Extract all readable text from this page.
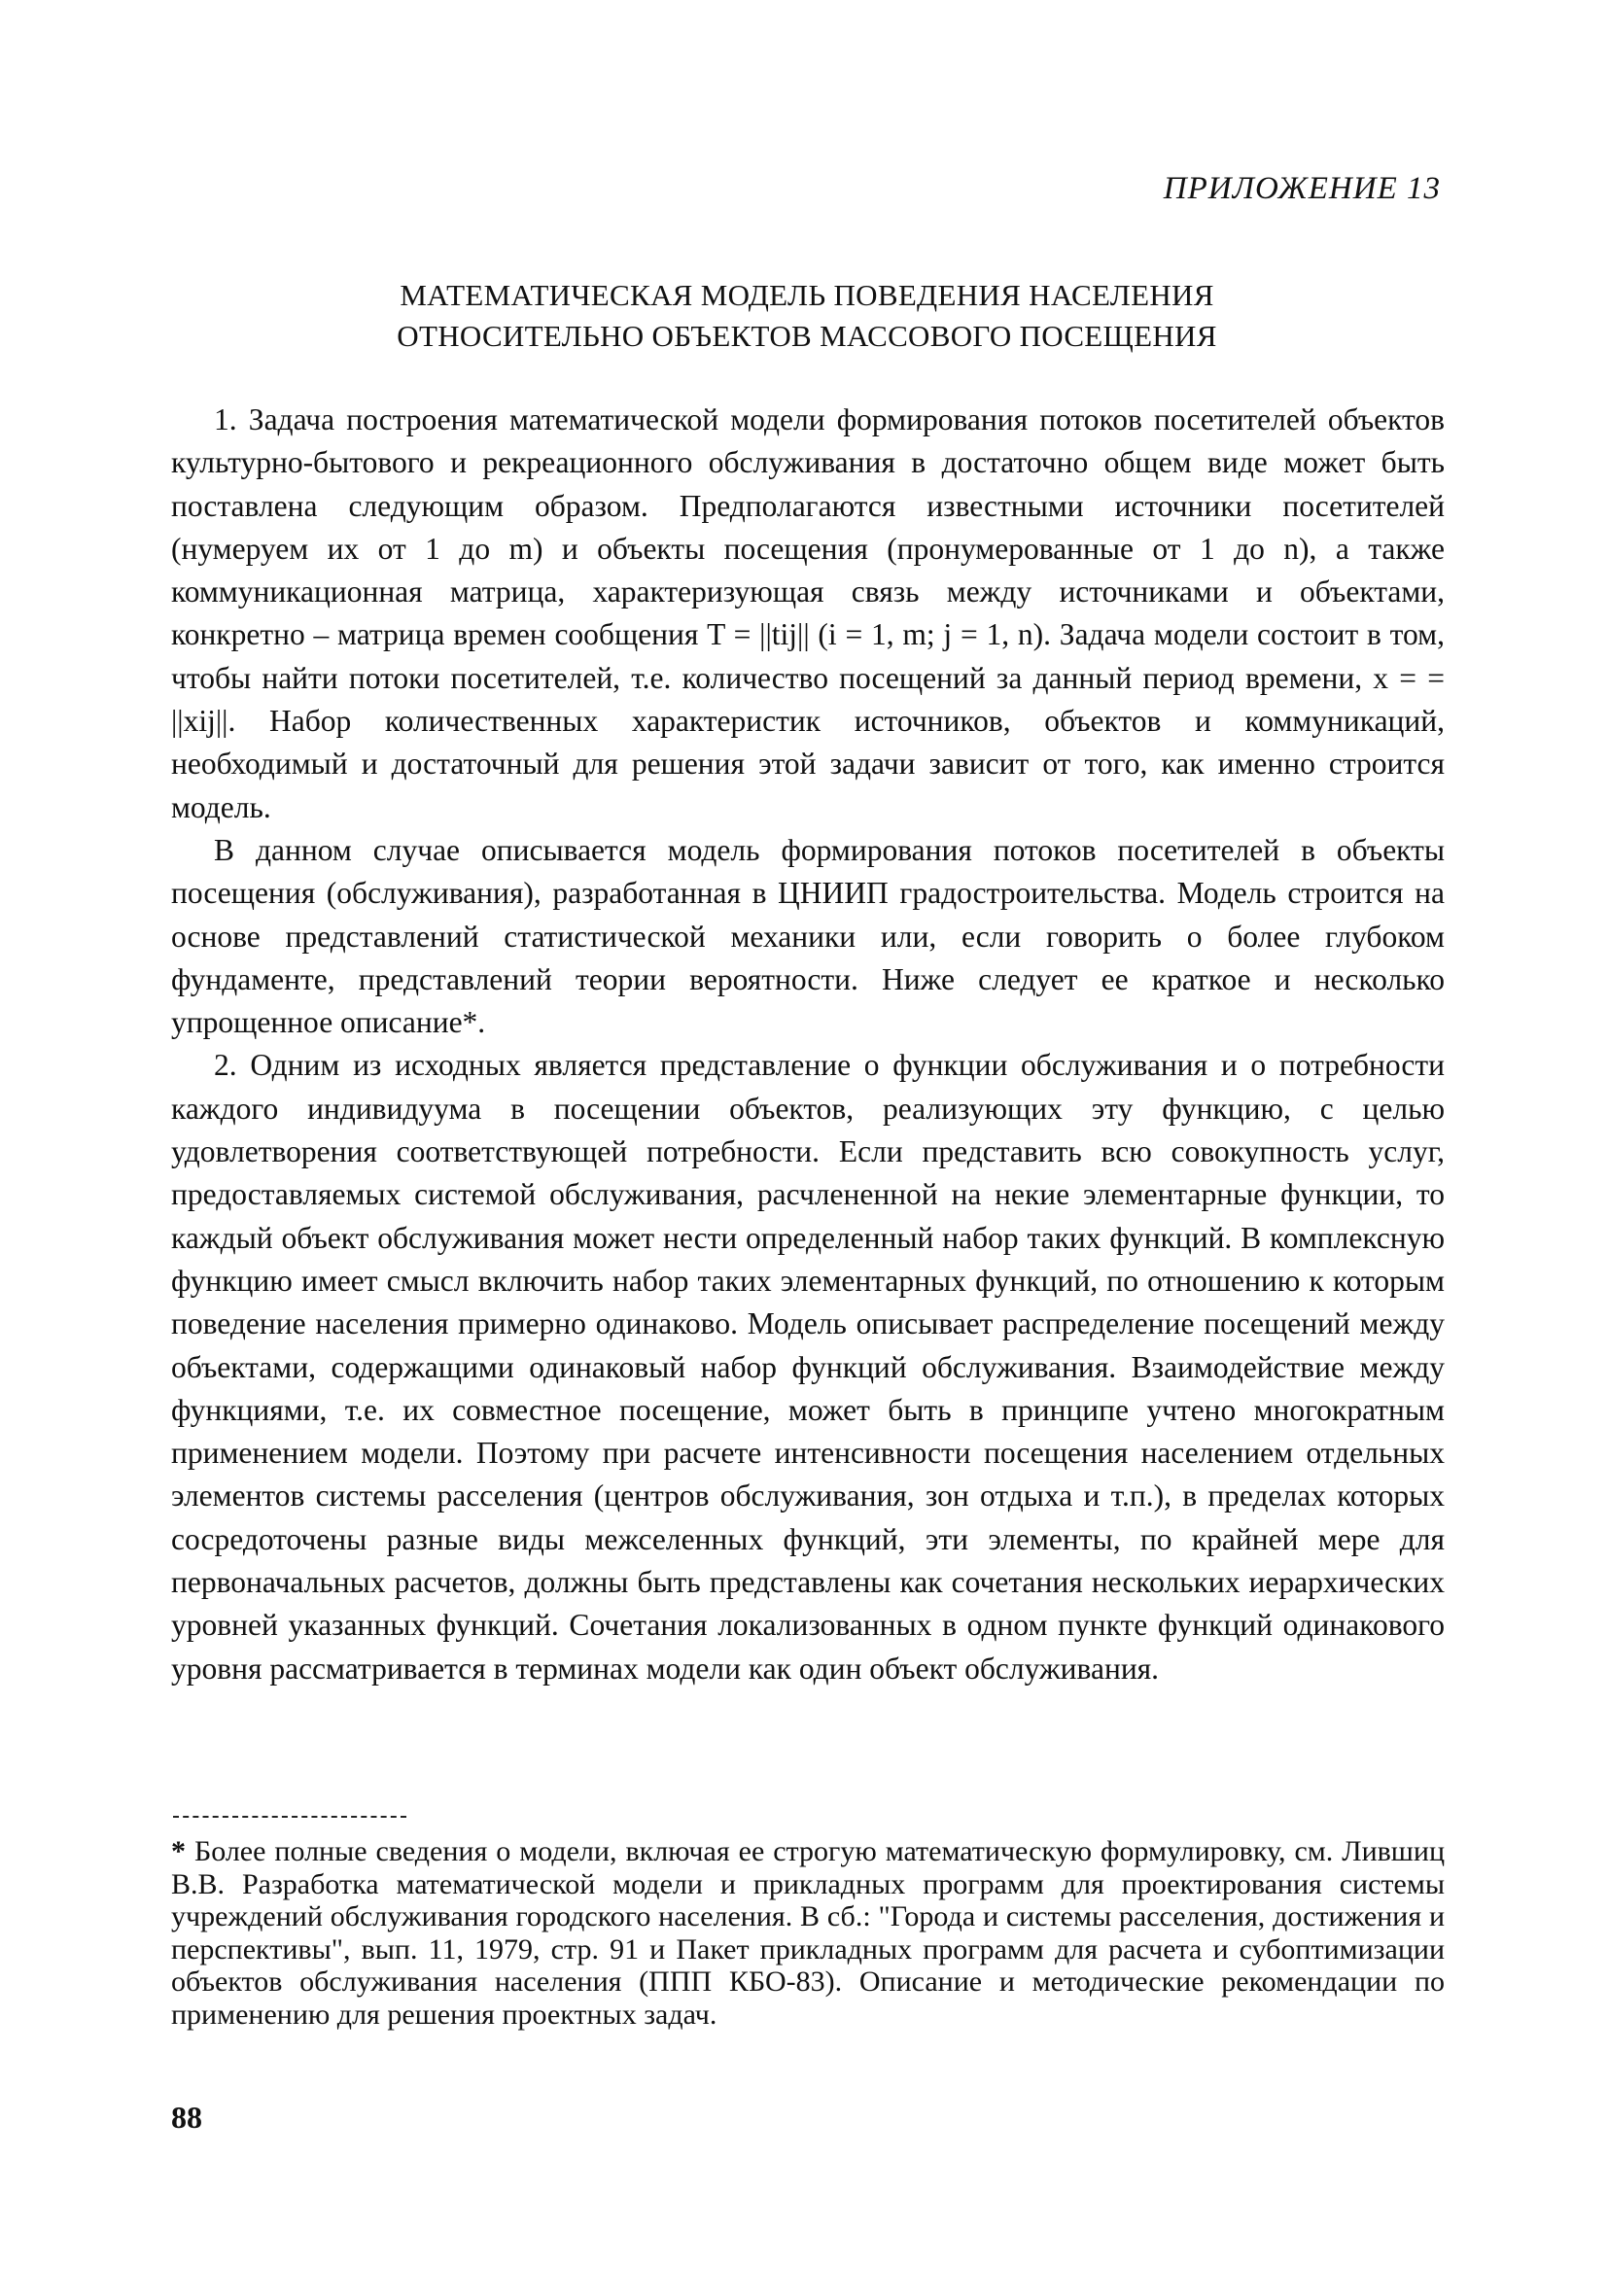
ПРИЛОЖЕНИЕ 13
МАТЕМАТИЧЕСКАЯ МОДЕЛЬ ПОВЕДЕНИЯ НАСЕЛЕНИЯ
ОТНОСИТЕЛЬНО ОБЪЕКТОВ МАССОВОГО ПОСЕЩЕНИЯ

1. Задача построения математической модели формирования потоков посетителей объектов культурно-бытового и рекреационного обслуживания в достаточно общем виде может быть поставлена следующим образом. Предполагаются известными источники посетителей (нумеруем их от 1 до m) и объекты посещения (пронумерованные от 1 до n), а также коммуникационная матрица, характеризующая связь между источниками и объектами, конкретно – матрица времен сообщения T = ||tij|| (i = 1, m; j = 1, n). Задача модели состоит в том, чтобы найти потоки посетителей, т.е. количество посещений за данный период времени, x = = ||xij||. Набор количественных характеристик источников, объектов и коммуникаций, необходимый и достаточный для решения этой задачи зависит от того, как именно строится модель.

В данном случае описывается модель формирования потоков посетителей в объекты посещения (обслуживания), разработанная в ЦНИИП градостроительства. Модель строится на основе представлений статистической механики или, если говорить о более глубоком фундаменте, представлений теории вероятности. Ниже следует ее краткое и несколько упрощенное описание*.

2. Одним из исходных является представление о функции обслуживания и о потребности каждого индивидуума в посещении объектов, реализующих эту функцию, с целью удовлетворения соответствующей потребности. Если представить всю совокупность услуг, предоставляемых системой обслуживания, расчлененной на некие элементарные функции, то каждый объект обслуживания может нести определенный набор таких функций. В комплексную функцию имеет смысл включить набор таких элементарных функций, по отношению к которым поведение населения примерно одинаково. Модель описывает распределение посещений между объектами, содержащими одинаковый набор функций обслуживания. Взаимодействие между функциями, т.е. их совместное посещение, может быть в принципе учтено многократным применением модели. Поэтому при расчете интенсивности посещения населением отдельных элементов системы расселения (центров обслуживания, зон отдыха и т.п.), в пределах которых сосредоточены разные виды межселенных функций, эти элементы, по крайней мере для первоначальных расчетов, должны быть представлены как сочетания нескольких иерархических уровней указанных функций. Сочетания локализованных в одном пункте функций одинакового уровня рассматривается в терминах модели как один объект обслуживания.

* Более полные сведения о модели, включая ее строгую математическую формулировку, см. Лившиц В.В. Разработка математической модели и прикладных программ для проектирования системы учреждений обслуживания городского населения. В сб.: "Города и системы расселения, достижения и перспективы", вып. 11, 1979, стр. 91 и Пакет прикладных программ для расчета и субоптимизации объектов обслуживания населения (ППП КБО-83). Описание и методические рекомендации по применению для решения проектных задач.

88
